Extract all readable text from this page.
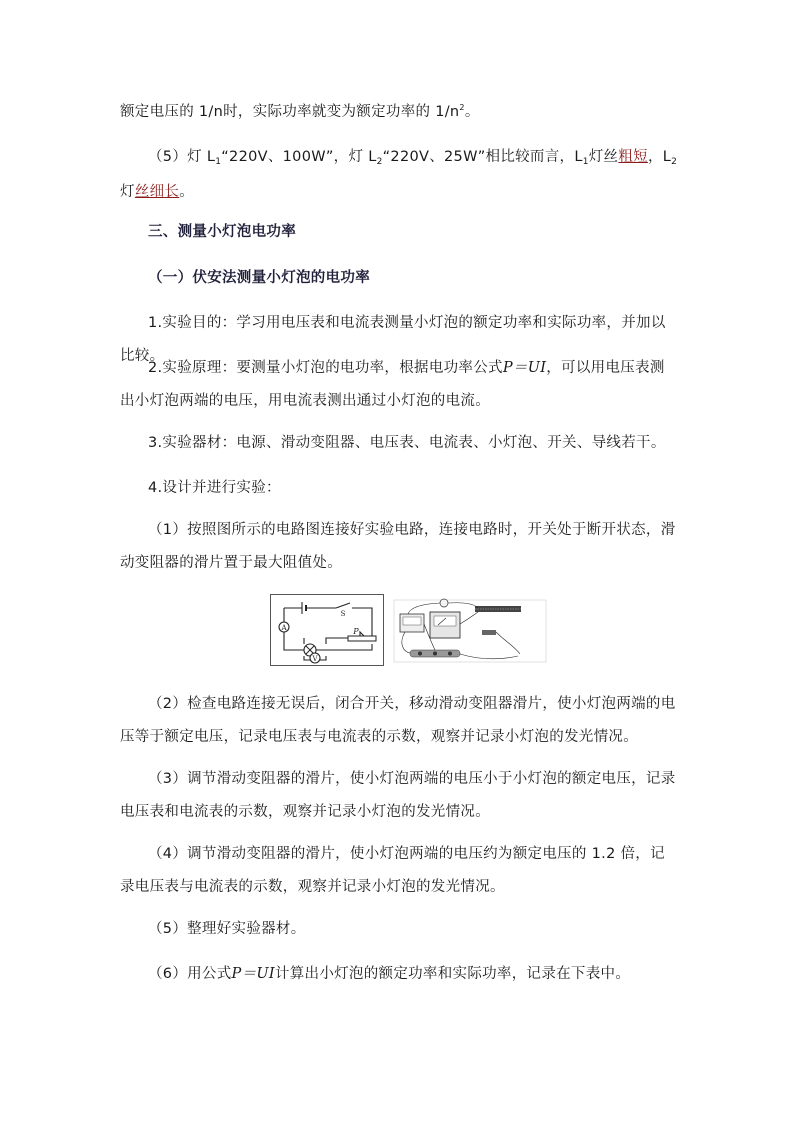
额定电压的 1/n时，实际功率就变为额定功率的 $1/n^2$。
（5）灯 $L_1“220V$、100W”，灯 $L_2“220V$、25W”相比较而言，$L_1$灯丝粗短，$L_2$灯丝细长。
三、测量小灯泡电功率
（一）伏安法测量小灯泡的电功率
1.实验目的：学习用电压表和电流表测量小灯泡的额定功率和实际功率，并加以比较。
2.实验原理：要测量小灯泡的电功率，根据电功率公式P＝UI，可以用电压表测出小灯泡两端的电压，用电流表测出通过小灯泡的电流。
3.实验器材：电源、滑动变阻器、电压表、电流表、小灯泡、开关、导线若干。
4.设计并进行实验：
（1）按照图所示的电路图连接好实验电路，连接电路时，开关处于断开状态，滑动变阻器的滑片置于最大阻值处。
A
V
S
P
（2）检查电路连接无误后，闭合开关，移动滑动变阻器滑片，使小灯泡两端的电压等于额定电压，记录电压表与电流表的示数，观察并记录小灯泡的发光情况。
（3）调节滑动变阻器的滑片，使小灯泡两端的电压小于小灯泡的额定电压，记录电压表和电流表的示数，观察并记录小灯泡的发光情况。
（4）调节滑动变阻器的滑片，使小灯泡两端的电压约为额定电压的 1.2 倍，记录电压表与电流表的示数，观察并记录小灯泡的发光情况。
（5）整理好实验器材。
（6）用公式P＝UI计算出小灯泡的额定功率和实际功率，记录在下表中。
